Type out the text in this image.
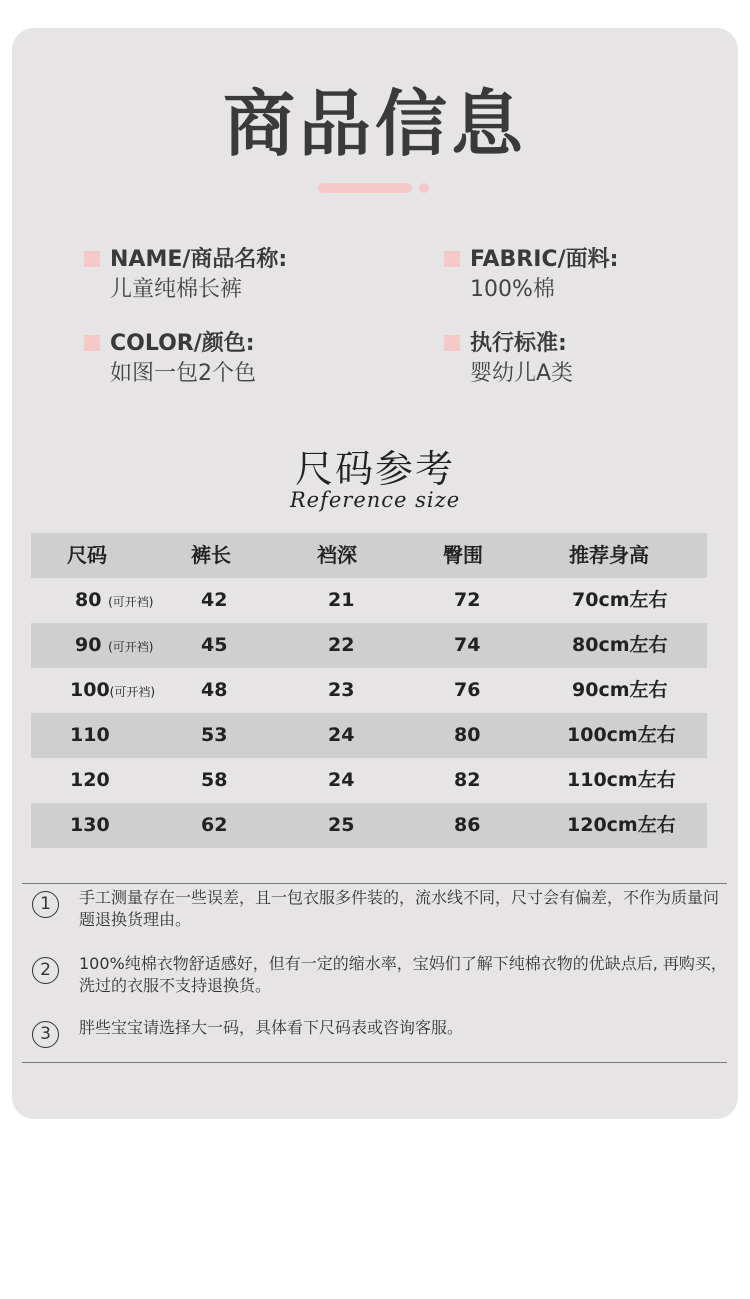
商品信息
NAME/商品名称:
儿童纯棉长裤
FABRIC/面料:
100%棉
COLOR/颜色:
如图一包2个色
执行标准:
婴幼儿A类
尺码参考
Reference size
尺码	裤长	裆深	臀围	推荐身高
80 (可开裆)	42	21	72	70cm左右
90 (可开裆)	45	22	74	80cm左右
100(可开裆) 48	23	76	90cm左右
110	53	24	80	100cm左右
120	58	24	82	110cm左右
130	62	25	86	120cm左右
1	手工测量存在一些误差，且一包衣服多件装的，流水线不同，尺寸会有偏差，不作为质量问题退换货理由。
2	100%纯棉衣物舒适感好，但有一定的缩水率，宝妈们了解下纯棉衣物的优缺点后, 再购买，洗过的衣服不支持退换货。
3	胖些宝宝请选择大一码，具体看下尺码表或咨询客服。
